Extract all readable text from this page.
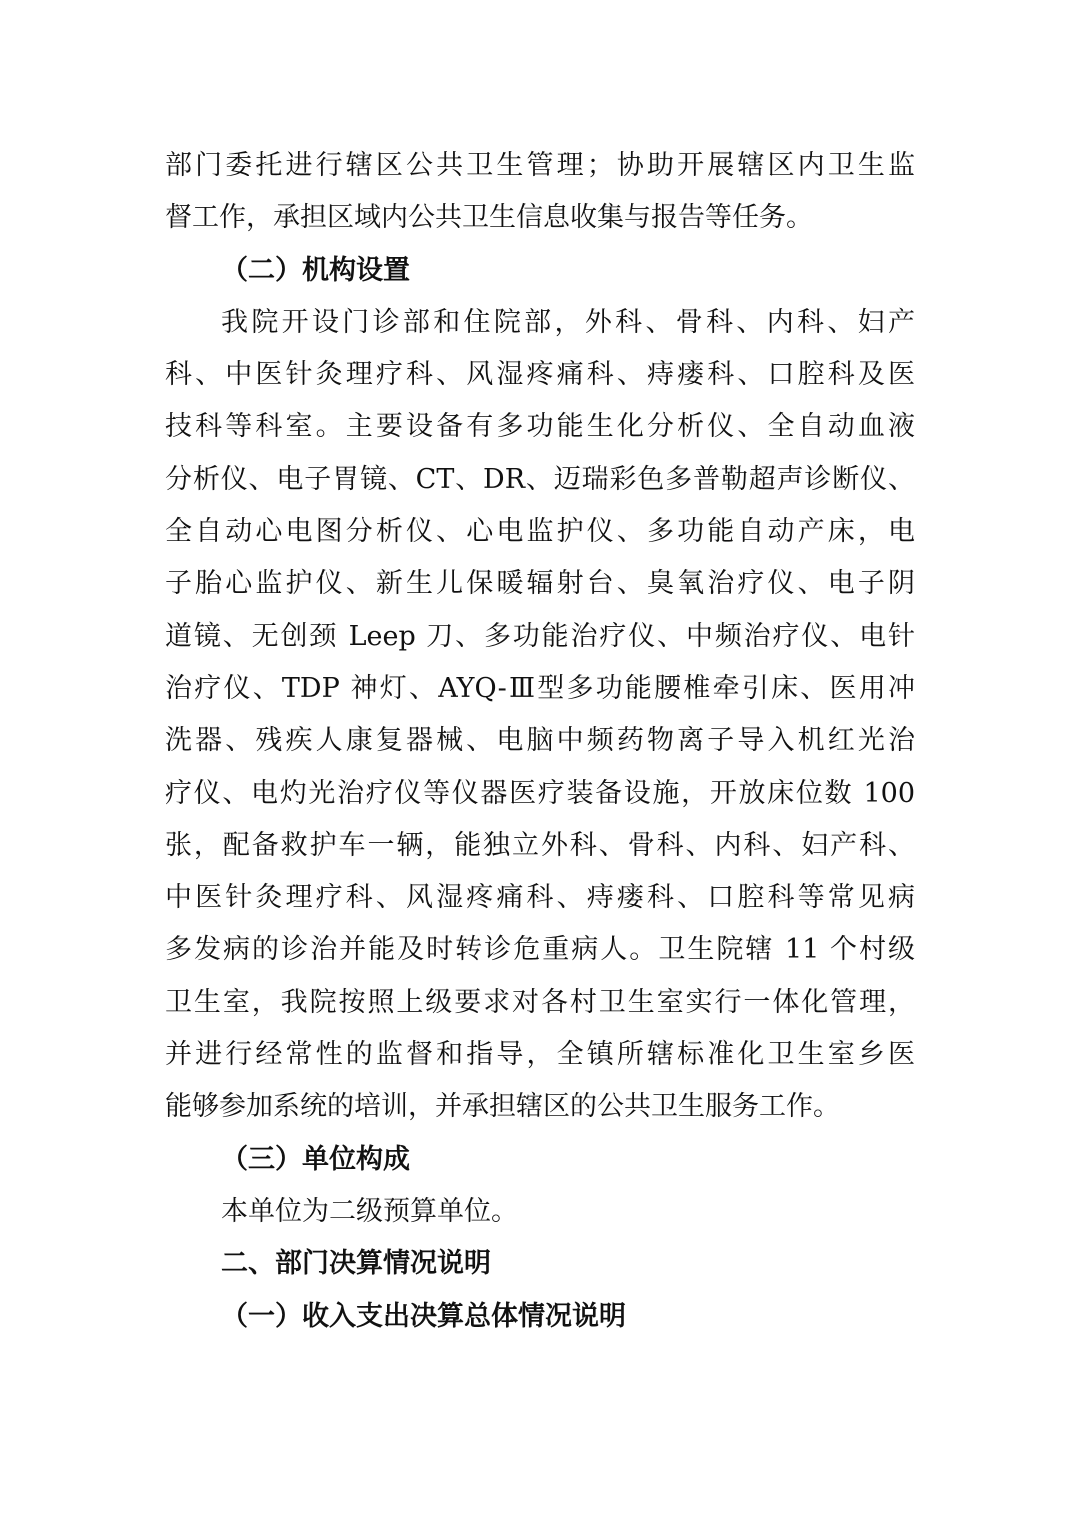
部门委托进行辖区公共卫生管理；协助开展辖区内卫生监
督工作，承担区域内公共卫生信息收集与报告等任务。
（二）机构设置
我院开设门诊部和住院部，外科、骨科、内科、妇产
科、中医针灸理疗科、风湿疼痛科、痔瘘科、口腔科及医
技科等科室。主要设备有多功能生化分析仪、全自动血液
分析仪、电子胃镜、CT、DR、迈瑞彩色多普勒超声诊断仪、
全自动心电图分析仪、心电监护仪、多功能自动产床，电
子胎心监护仪、新生儿保暖辐射台、臭氧治疗仪、电子阴
道镜、无创颈 Leep 刀、多功能治疗仪、中频治疗仪、电针
治疗仪、TDP 神灯、AYQ-Ⅲ型多功能腰椎牵引床、医用冲
洗器、残疾人康复器械、电脑中频药物离子导入机红光治
疗仪、电灼光治疗仪等仪器医疗装备设施，开放床位数 100
张，配备救护车一辆，能独立外科、骨科、内科、妇产科、
中医针灸理疗科、风湿疼痛科、痔瘘科、口腔科等常见病
多发病的诊治并能及时转诊危重病人。卫生院辖 11 个村级
卫生室，我院按照上级要求对各村卫生室实行一体化管理，
并进行经常性的监督和指导，全镇所辖标准化卫生室乡医
能够参加系统的培训，并承担辖区的公共卫生服务工作。
（三）单位构成
本单位为二级预算单位。
二、部门决算情况说明
（一）收入支出决算总体情况说明
